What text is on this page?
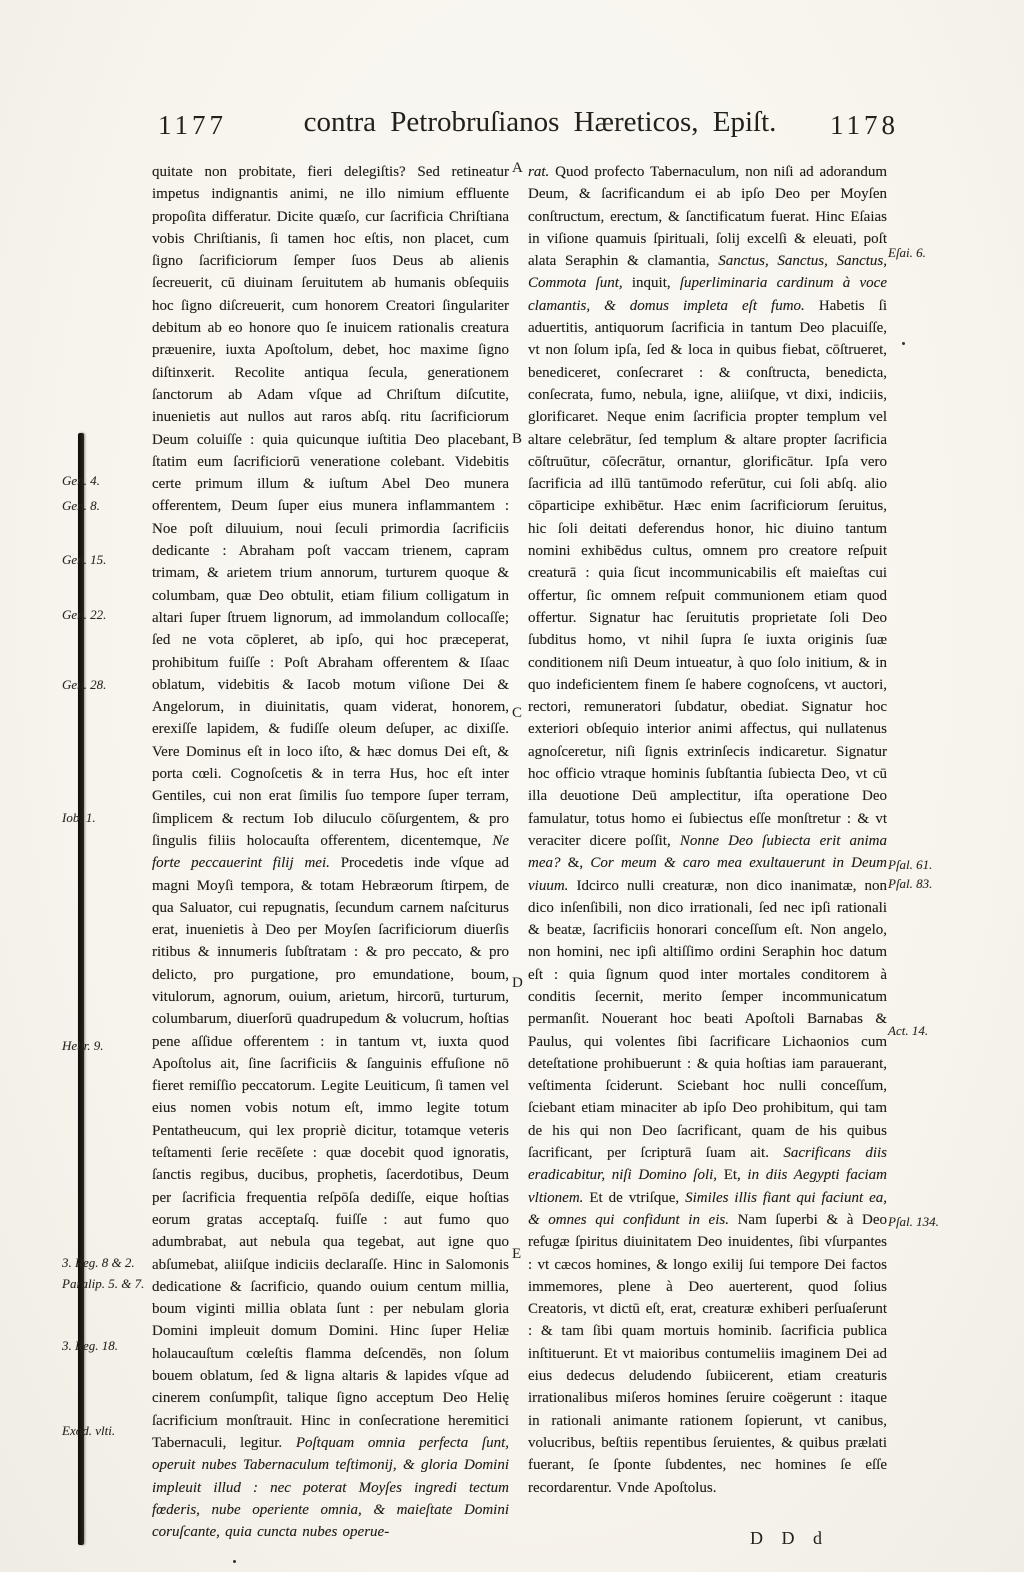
1177	contra Petrobruſianos Hæreticos, Epiſt.	1178
Gen. 4.
Gen. 8.
Gen. 15.
Gen. 22.
Gen. 28.
Iob. 1.
Hebr. 9.
3. Reg. 8 & 2. Paralip. 5. & 7.
3. Reg. 18.
Exod. vlti.
A
B
C
D
E
quitate non probitate, fieri delegiſtis? Sed retineatur impetus indignantis animi, ne illo nimium effluente propoſita differatur. Dicite quæſo, cur ſacrificia Chriſtiana vobis Chriſtianis, ſi tamen hoc eſtis, non placet, cum ſigno ſacrificiorum ſemper ſuos Deus ab alienis ſecreuerit, cū diuinam ſeruitutem ab humanis obſequiis hoc ſigno diſcreuerit, cum honorem Creatori ſingulariter debitum ab eo honore quo ſe inuicem rationalis creatura præuenire, iuxta Apoſtolum, debet, hoc maxime ſigno diſtinxerit. Recolite antiqua ſecula, generationem ſanctorum ab Adam vſque ad Chriſtum diſcutite, inuenietis aut nullos aut raros abſq. ritu ſacrificiorum Deum coluiſſe : quia quicunque iuſtitia Deo placebant, ſtatim eum ſacrificiorū veneratione colebant. Videbitis certe primum illum & iuſtum Abel Deo munera offerentem, Deum ſuper eius munera inflammantem : Noe poſt diluuium, noui ſeculi primordia ſacrificiis dedicante : Abraham poſt vaccam trienem, capram trimam, & arietem trium annorum, turturem quoque & columbam, quæ Deo obtulit, etiam filium colligatum in altari ſuper ſtruem lignorum, ad immolandum collocaſſe; ſed ne vota cōpleret, ab ipſo, qui hoc præceperat, prohibitum fuiſſe : Poſt Abraham offerentem & Iſaac oblatum, videbitis & Iacob motum viſione Dei & Angelorum, in diuinitatis, quam viderat, honorem, erexiſſe lapidem, & fudiſſe oleum deſuper, ac dixiſſe. Vere Dominus eſt in loco iſto, & hæc domus Dei eſt, & porta cœli. Cognoſcetis & in terra Hus, hoc eſt inter Gentiles, cui non erat ſimilis ſuo tempore ſuper terram, ſimplicem & rectum Iob diluculo cōſurgentem, & pro ſingulis filiis holocauſta offerentem, dicentemque, Ne forte peccauerint filij mei. Procedetis inde vſque ad magni Moyſi tempora, & totam Hebræorum ſtirpem, de qua Saluator, cui repugnatis, ſecundum carnem naſciturus erat, inuenietis à Deo per Moyſen ſacrificiorum diuerſis ritibus & innumeris ſubſtratam : & pro peccato, & pro delicto, pro purgatione, pro emundatione, boum, vitulorum, agnorum, ouium, arietum, hircorū, turturum, columbarum, diuerſorū quadrupedum & volucrum, hoſtias pene aſſidue offerentem : in tantum vt, iuxta quod Apoſtolus ait, ſine ſacrificiis & ſanguinis effuſione nō fieret remiſſio peccatorum. Legite Leuiticum, ſi tamen vel eius nomen vobis notum eſt, immo legite totum Pentatheucum, qui lex propriè dicitur, totamque veteris teſtamenti ſerie recēſete : quæ docebit quod ignoratis, ſanctis regibus, ducibus, prophetis, ſacerdotibus, Deum per ſacrificia frequentia reſpōſa dediſſe, eique hoſtias eorum gratas acceptaſq. fuiſſe : aut fumo quo adumbrabat, aut nebula qua tegebat, aut igne quo abſumebat, aliiſque indiciis declaraſſe. Hinc in Salomonis dedicatione & ſacrificio, quando ouium centum millia, boum viginti millia oblata ſunt : per nebulam gloria Domini impleuit domum Domini. Hinc ſuper Heliæ holaucauſtum cœleſtis flamma deſcendēs, non ſolum bouem oblatum, ſed & ligna altaris & lapides vſque ad cinerem conſumpſit, talique ſigno acceptum Deo Helię ſacrificium monſtrauit. Hinc in conſecratione heremitici Tabernaculi, legitur. Poſtquam omnia perfecta ſunt, operuit nubes Tabernaculum teſtimonij, & gloria Domini impleuit illud : nec poterat Moyſes ingredi tectum fœderis, nube operiente omnia, & maieſtate Domini coruſcante, quia cuncta nubes operue-
rat. Quod profecto Tabernaculum, non niſi ad adorandum Deum, & ſacrificandum ei ab ipſo Deo per Moyſen conſtructum, erectum, & ſanctificatum fuerat. Hinc Eſaias in viſione quamuis ſpirituali, ſolij excelſi & eleuati, poſt alata Seraphin & clamantia, Sanctus, Sanctus, Sanctus, Commota ſunt, inquit, ſuperliminaria cardinum à voce clamantis, & domus impleta eſt fumo. Habetis ſi aduertitis, antiquorum ſacrificia in tantum Deo placuiſſe, vt non ſolum ipſa, ſed & loca in quibus fiebat, cōſtrueret, benediceret, conſecraret : & conſtructa, benedicta, conſecrata, fumo, nebula, igne, aliiſque, vt dixi, indiciis, glorificaret. Neque enim ſacrificia propter templum vel altare celebrātur, ſed templum & altare propter ſacrificia cōſtruūtur, cōſecrātur, ornantur, glorificātur. Ipſa vero ſacrificia ad illū tantūmodo referūtur, cui ſoli abſq. alio cōparticipe exhibētur. Hæc enim ſacrificiorum ſeruitus, hic ſoli deitati deferendus honor, hic diuino tantum nomini exhibēdus cultus, omnem pro creatore reſpuit creaturā : quia ſicut incommunicabilis eſt maieſtas cui offertur, ſic omnem reſpuit communionem etiam quod offertur. Signatur hac ſeruitutis proprietate ſoli Deo ſubditus homo, vt nihil ſupra ſe iuxta originis ſuæ conditionem niſi Deum intueatur, à quo ſolo initium, & in quo indeficientem finem ſe habere cognoſcens, vt auctori, rectori, remuneratori ſubdatur, obediat. Signatur hoc exteriori obſequio interior animi affectus, qui nullatenus agnoſceretur, niſi ſignis extrinſecis indicaretur. Signatur hoc officio vtraque hominis ſubſtantia ſubiecta Deo, vt cū illa deuotione Deū amplectitur, iſta operatione Deo famulatur, totus homo ei ſubiectus eſſe monſtretur : & vt veraciter dicere poſſit, Nonne Deo ſubiecta erit anima mea? &, Cor meum & caro mea exultauerunt in Deum viuum. Idcirco nulli creaturæ, non dico inanimatæ, non dico inſenſibili, non dico irrationali, ſed nec ipſi rationali & beatæ, ſacrificiis honorari conceſſum eſt. Non angelo, non homini, nec ipſi altiſſimo ordini Seraphin hoc datum eſt : quia ſignum quod inter mortales conditorem à conditis ſecernit, merito ſemper incommunicatum permanſit. Nouerant hoc beati Apoſtoli Barnabas & Paulus, qui volentes ſibi ſacrificare Lichaonios cum deteſtatione prohibuerunt : & quia hoſtias iam parauerant, veſtimenta ſciderunt. Sciebant hoc nulli conceſſum, ſciebant etiam minaciter ab ipſo Deo prohibitum, qui tam de his qui non Deo ſacrificant, quam de his quibus ſacrificant, per ſcripturā ſuam ait. Sacrificans diis eradicabitur, niſi Domino ſoli, Et, in diis Aegypti faciam vltionem. Et de vtriſque, Similes illis fiant qui faciunt ea, & omnes qui confidunt in eis. Nam ſuperbi & à Deo refugæ ſpiritus diuinitatem Deo inuidentes, ſibi vſurpantes : vt cæcos homines, & longo exilij ſui tempore Dei factos immemores, plene à Deo auerterent, quod ſolius Creatoris, vt dictū eſt, erat, creaturæ exhiberi perſuaſerunt : & tam ſibi quam mortuis hominib. ſacrificia publica inſtituerunt. Et vt maioribus contumeliis imaginem Dei ad eius dedecus deludendo ſubiicerent, etiam creaturis irrationalibus miſeros homines ſeruire coëgerunt : itaque in rationali animante rationem ſopierunt, vt canibus, volucribus, beſtiis repentibus ſeruientes, & quibus prælati fuerant, ſe ſponte ſubdentes, nec homines ſe eſſe recordarentur. Vnde Apoſtolus.
Eſai. 6.
Pſal. 61.
Pſal. 83.
Act. 14.
Pſal. 134.
D D d
